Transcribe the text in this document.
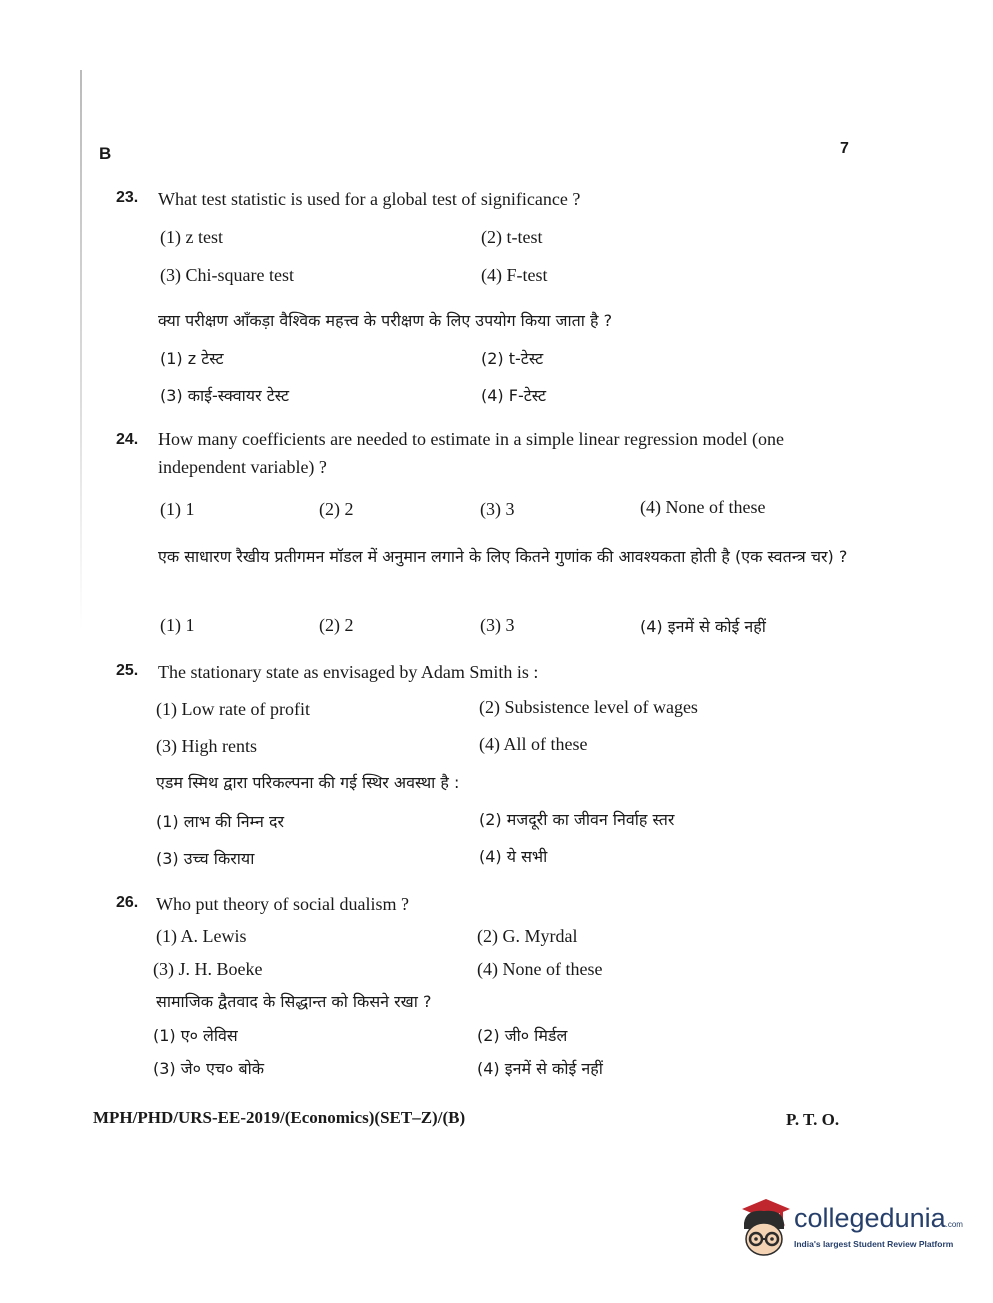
B	7
23. What test statistic is used for a global test of significance ?
(1) z test	(2) t-test
(3) Chi-square test	(4) F-test
क्या परीक्षण आँकड़ा वैश्विक महत्त्व के परीक्षण के लिए उपयोग किया जाता है ?
(1) z टेस्ट	(2) t-टेस्ट
(3) काई-स्क्वायर टेस्ट	(4) F-टेस्ट
24. How many coefficients are needed to estimate in a simple linear regression model (one independent variable) ?
(1) 1	(2) 2	(3) 3	(4) None of these
एक साधारण रैखीय प्रतीगमन मॉडल में अनुमान लगाने के लिए कितने गुणांक की आवश्यकता होती है (एक स्वतन्त्र चर) ?
(1) 1	(2) 2	(3) 3	(4) इनमें से कोई नहीं
25. The stationary state as envisaged by Adam Smith is :
(1) Low rate of profit	(2) Subsistence level of wages
(3) High rents	(4) All of these
एडम स्मिथ द्वारा परिकल्पना की गई स्थिर अवस्था है :
(1) लाभ की निम्न दर	(2) मजदूरी का जीवन निर्वाह स्तर
(3) उच्च किराया	(4) ये सभी
26. Who put theory of social dualism ?
(1) A. Lewis	(2) G. Myrdal
(3) J. H. Boeke	(4) None of these
सामाजिक द्वैतवाद के सिद्धान्त को किसने रखा ?
(1) ए० लेविस	(2) जी० मिर्डल
(3) जे० एच० बोके	(4) इनमें से कोई नहीं
MPH/PHD/URS-EE-2019/(Economics)(SET–Z)/(B)	P. T. O.
collegedunia.com
India's largest Student Review Platform
